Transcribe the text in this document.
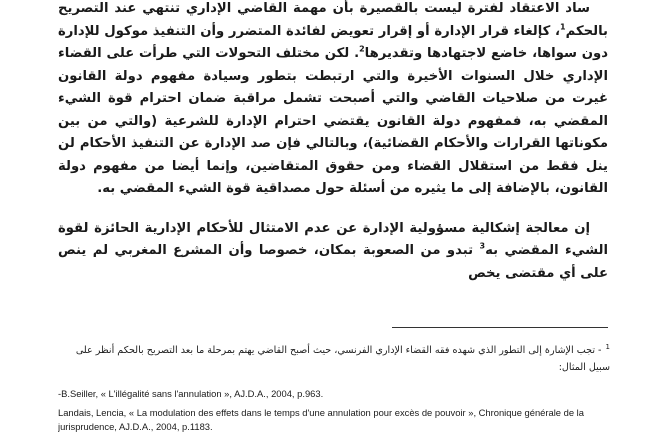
ساد الاعتقاد لفترة ليست بالقصيرة بأن مهمة القاضي الإداري تنتهي عند التصريح بالحكم$^1$، كإلغاء قرار الإدارة أو إقرار تعويض لفائدة المتضرر وأن التنفيذ موكول للإدارة دون سواها، خاضع لاجتهادها وتقديرها$^2$. لكن مختلف التحولات التي طرأت على القضاء الإداري خلال السنوات الأخيرة والتي ارتبطت بتطور وسيادة مفهوم دولة القانون غيرت من صلاحيات القاضي والتي أصبحت تشمل مراقبة ضمان احترام قوة الشيء المقضي به، فمفهوم دولة القانون يقتضي احترام الإدارة للشرعية (والتي من بين مكوناتها القرارات والأحكام القضائية)، وبالتالي فإن صد الإدارة عن التنفيذ الأحكام لن ينل فقط من استقلال القضاء ومن حقوق المتقاضين، وإنما أيضا من مفهوم دولة القانون، بالإضافة إلى ما يثيره من أسئلة حول مصداقية قوة الشيء المقضي به.

إن معالجة إشكالية مسؤولية الإدارة عن عدم الامتثال للأحكام الإدارية الحائزة لقوة الشيء المقضي به$^3$ تبدو من الصعوبة بمكان، خصوصا وأن المشرع المغربي لم ينص على أي مقتضى يخص

$^1$- تجب الإشارة إلى التطور الذي شهده فقه القضاء الإداري الفرنسي، حيث أصبح القاضي يهتم بمرحلة ما بعد التصريح بالحكم أنظر على سبيل المثال:
-B.Seiller, « L'illégalité sans l'annulation », AJ.D.A., 2004, p.963.
Landais, Lencia, « La modulation des effets dans le temps d'une annulation pour excès de pouvoir », Chronique générale de la
jurisprudence, AJ.D.A., 2004, p.1183.
